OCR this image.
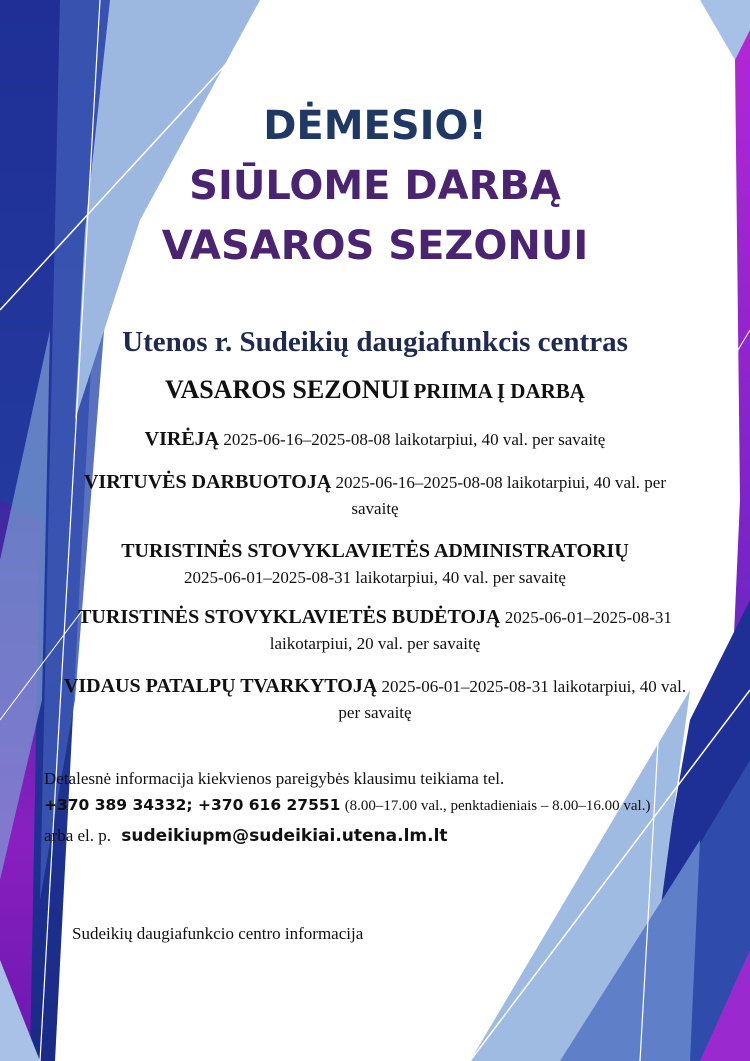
DĖMESIO!
SIŪLOME DARBĄ
VASAROS SEZONUI
Utenos r. Sudeikių daugiafunkcis centras
VASAROS SEZONUI PRIIMA Į DARBĄ
VIRĖJĄ 2025-06-16–2025-08-08 laikotarpiui, 40 val. per savaitę
VIRTUVĖS DARBUOTOJĄ 2025-06-16–2025-08-08 laikotarpiui, 40 val. per savaitę
TURISTINĖS STOVYKLAVIETĖS ADMINISTRATORIŲ
2025-06-01–2025-08-31 laikotarpiui, 40 val. per savaitę
TURISTINĖS STOVYKLAVIETĖS BUDĖTOJĄ 2025-06-01–2025-08-31 laikotarpiui, 20 val. per savaitę
VIDAUS PATALPŲ TVARKYTOJĄ 2025-06-01–2025-08-31 laikotarpiui, 40 val. per savaitę
Detalesnė informacija kiekvienos pareigybės klausimu teikiama tel.
+370 389 34332; +370 616 27551 (8.00–17.00 val., penktadieniais – 8.00–16.00 val.)
arba el. p. sudeikiupm@sudeikiai.utena.lm.lt
Sudeikių daugiafunkcio centro informacija
